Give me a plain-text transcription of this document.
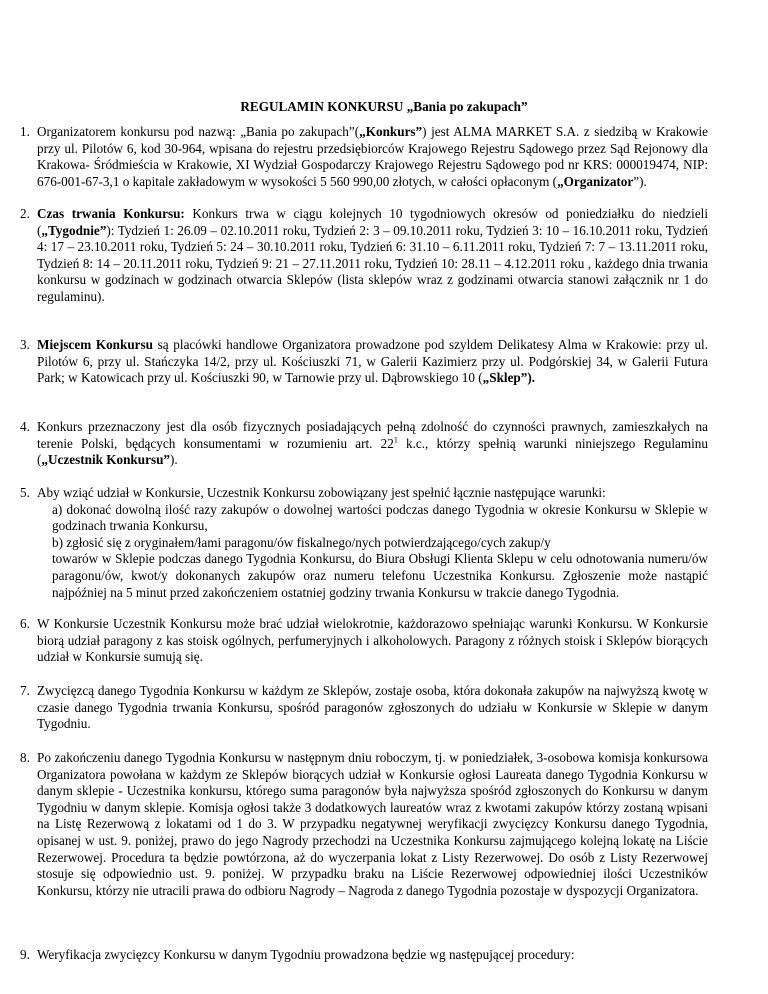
REGULAMIN KONKURSU „Bania po zakupach”
1. Organizatorem konkursu pod nazwą: „Bania po zakupach”(„Konkurs”) jest ALMA MARKET S.A. z siedzibą w Krakowie przy ul. Pilotów 6, kod 30-964, wpisana do rejestru przedsiębiorców Krajowego Rejestru Sądowego przez Sąd Rejonowy dla Krakowa- Śródmieścia w Krakowie, XI Wydział Gospodarczy Krajowego Rejestru Sądowego pod nr KRS: 000019474, NIP: 676-001-67-3,1 o kapitale zakładowym w wysokości 5 560 990,00 złotych, w całości opłaconym („Organizator”).
2. Czas trwania Konkursu: Konkurs trwa w ciągu kolejnych 10 tygodniowych okresów od poniedziałku do niedzieli („Tygodnie”): Tydzień 1: 26.09 – 02.10.2011 roku, Tydzień 2: 3 – 09.10.2011 roku, Tydzień 3: 10 – 16.10.2011 roku, Tydzień 4: 17 – 23.10.2011 roku, Tydzień 5: 24 – 30.10.2011 roku, Tydzień 6: 31.10 – 6.11.2011 roku, Tydzień 7: 7 – 13.11.2011 roku, Tydzień 8: 14 – 20.11.2011 roku, Tydzień 9: 21 – 27.11.2011 roku, Tydzień 10: 28.11 – 4.12.2011 roku , każdego dnia trwania konkursu w godzinach w godzinach otwarcia Sklepów (lista sklepów wraz z godzinami otwarcia stanowi załącznik nr 1 do regulaminu).
3. Miejscem Konkursu są placówki handlowe Organizatora prowadzone pod szyldem Delikatesy Alma w Krakowie: przy ul. Pilotów 6, przy ul. Stańczyka 14/2, przy ul. Kościuszki 71, w Galerii Kazimierz przy ul. Podgórskiej 34, w Galerii Futura Park; w Katowicach przy ul. Kościuszki 90, w Tarnowie przy ul. Dąbrowskiego 10 („Sklep”).
4. Konkurs przeznaczony jest dla osób fizycznych posiadających pełną zdolność do czynności prawnych, zamieszkałych na terenie Polski, będących konsumentami w rozumieniu art. $22^1$ k.c., którzy spełnią warunki niniejszego Regulaminu („Uczestnik Konkursu”).
5. Aby wziąć udział w Konkursie, Uczestnik Konkursu zobowiązany jest spełnić łącznie następujące warunki:
a) dokonać dowolną ilość razy zakupów o dowolnej wartości podczas danego Tygodnia w okresie Konkursu w Sklepie w godzinach trwania Konkursu,
b) zgłosić się z oryginałem/łami paragonu/ów fiskalnego/nych potwierdzającego/cych zakup/y
towarów w Sklepie podczas danego Tygodnia Konkursu, do Biura Obsługi Klienta Sklepu w celu odnotowania numeru/ów paragonu/ów, kwot/y dokonanych zakupów oraz numeru telefonu Uczestnika Konkursu. Zgłoszenie może nastąpić najpóźniej na 5 minut przed zakończeniem ostatniej godziny trwania Konkursu w trakcie danego Tygodnia.
6. W Konkursie Uczestnik Konkursu może brać udział wielokrotnie, każdorazowo spełniając warunki Konkursu. W Konkursie biorą udział paragony z kas stoisk ogólnych, perfumeryjnych i alkoholowych. Paragony z różnych stoisk i Sklepów biorących udział w Konkursie sumują się.
7. Zwycięzcą danego Tygodnia Konkursu w każdym ze Sklepów, zostaje osoba, która dokonała zakupów na najwyższą kwotę w czasie danego Tygodnia trwania Konkursu, spośród paragonów zgłoszonych do udziału w Konkursie w Sklepie w danym Tygodniu.
8. Po zakończeniu danego Tygodnia Konkursu w następnym dniu roboczym, tj. w poniedziałek, 3-osobowa komisja konkursowa Organizatora powołana w każdym ze Sklepów biorących udział w Konkursie ogłosi Laureata danego Tygodnia Konkursu w danym sklepie - Uczestnika konkursu, którego suma paragonów była najwyższa spośród zgłoszonych do Konkursu w danym Tygodniu w danym sklepie. Komisja ogłosi także 3 dodatkowych laureatów wraz z kwotami zakupów którzy zostaną wpisani na Listę Rezerwową z lokatami od 1 do 3. W przypadku negatywnej weryfikacji zwycięzcy Konkursu danego Tygodnia, opisanej w ust. 9. poniżej, prawo do jego Nagrody przechodzi na Uczestnika Konkursu zajmującego kolejną lokatę na Liście Rezerwowej. Procedura ta będzie powtórzona, aż do wyczerpania lokat z Listy Rezerwowej. Do osób z Listy Rezerwowej stosuje się odpowiednio ust. 9. poniżej. W przypadku braku na Liście Rezerwowej odpowiedniej ilości Uczestników Konkursu, którzy nie utracili prawa do odbioru Nagrody – Nagroda z danego Tygodnia pozostaje w dyspozycji Organizatora.
9. Weryfikacja zwycięzcy Konkursu w danym Tygodniu prowadzona będzie wg następującej procedury:
